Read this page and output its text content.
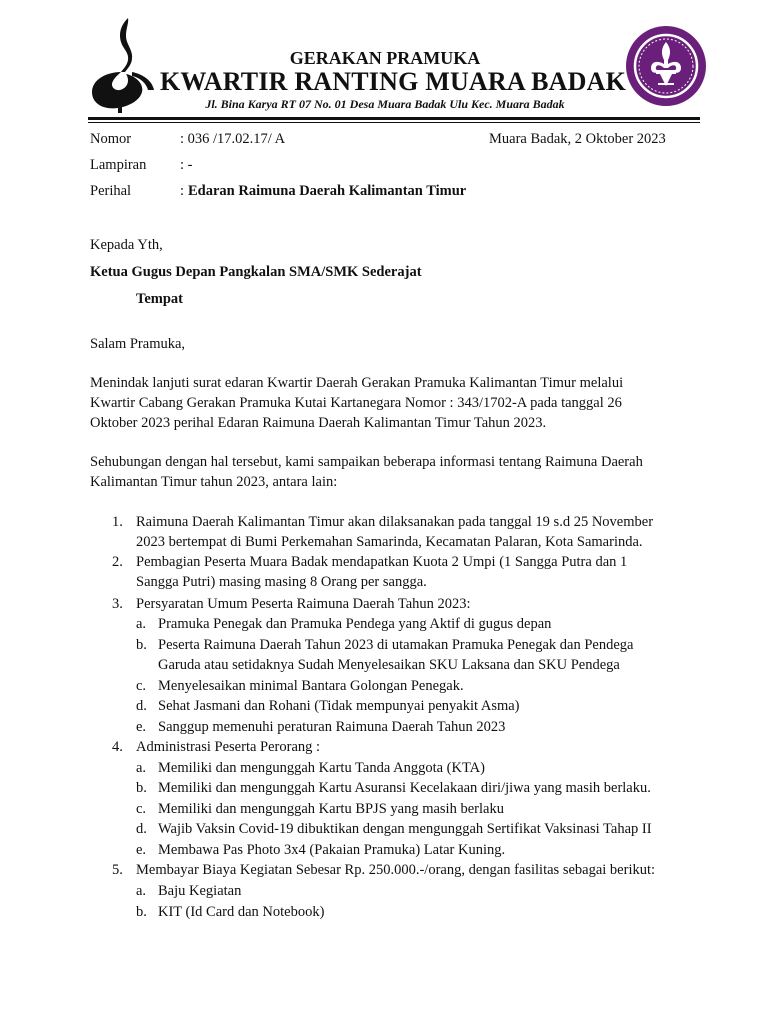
GERAKAN PRAMUKA
KWARTIR RANTING MUARA BADAK
Jl. Bina Karya RT 07 No. 01 Desa Muara Badak Ulu Kec. Muara Badak
Nomor	: 036 /17.02.17/ A	Muara Badak, 2 Oktober 2023
Lampiran : -
Perihal	: Edaran Raimuna Daerah Kalimantan Timur
Kepada Yth,
Ketua Gugus Depan Pangkalan SMA/SMK Sederajat
Tempat
Salam Pramuka,
Menindak lanjuti surat edaran Kwartir Daerah Gerakan Pramuka Kalimantan Timur melalui
Kwartir Cabang Gerakan Pramuka Kutai Kartanegara Nomor : 343/1702-A pada tanggal 26
Oktober 2023 perihal Edaran Raimuna Daerah Kalimantan Timur Tahun 2023.
Sehubungan dengan hal tersebut, kami sampaikan beberapa informasi tentang Raimuna Daerah
Kalimantan Timur tahun 2023, antara lain:
1. Raimuna Daerah Kalimantan Timur akan dilaksanakan pada tanggal 19 s.d 25 November
2023 bertempat di Bumi Perkemahan Samarinda, Kecamatan Palaran, Kota Samarinda.
2. Pembagian Peserta Muara Badak mendapatkan Kuota 2 Umpi (1 Sangga Putra dan 1
Sangga Putri) masing masing 8 Orang per sangga.
3. Persyaratan Umum Peserta Raimuna Daerah Tahun 2023:
a. Pramuka Penegak dan Pramuka Pendega yang Aktif di gugus depan
b. Peserta Raimuna Daerah Tahun 2023 di utamakan Pramuka Penegak dan Pendega
Garuda atau setidaknya Sudah Menyelesaikan SKU Laksana dan SKU Pendega
c. Menyelesaikan minimal Bantara Golongan Penegak.
d. Sehat Jasmani dan Rohani (Tidak mempunyai penyakit Asma)
e. Sanggup memenuhi peraturan Raimuna Daerah Tahun 2023
4. Administrasi Peserta Perorang :
a. Memiliki dan mengunggah Kartu Tanda Anggota (KTA)
b. Memiliki dan mengunggah Kartu Asuransi Kecelakaan diri/jiwa yang masih berlaku.
c. Memiliki dan mengunggah Kartu BPJS yang masih berlaku
d. Wajib Vaksin Covid-19 dibuktikan dengan mengunggah Sertifikat Vaksinasi Tahap II
e. Membawa Pas Photo 3x4 (Pakaian Pramuka) Latar Kuning.
5. Membayar Biaya Kegiatan Sebesar Rp. 250.000.-/orang, dengan fasilitas sebagai berikut:
a. Baju Kegiatan
b. KIT (Id Card dan Notebook)
